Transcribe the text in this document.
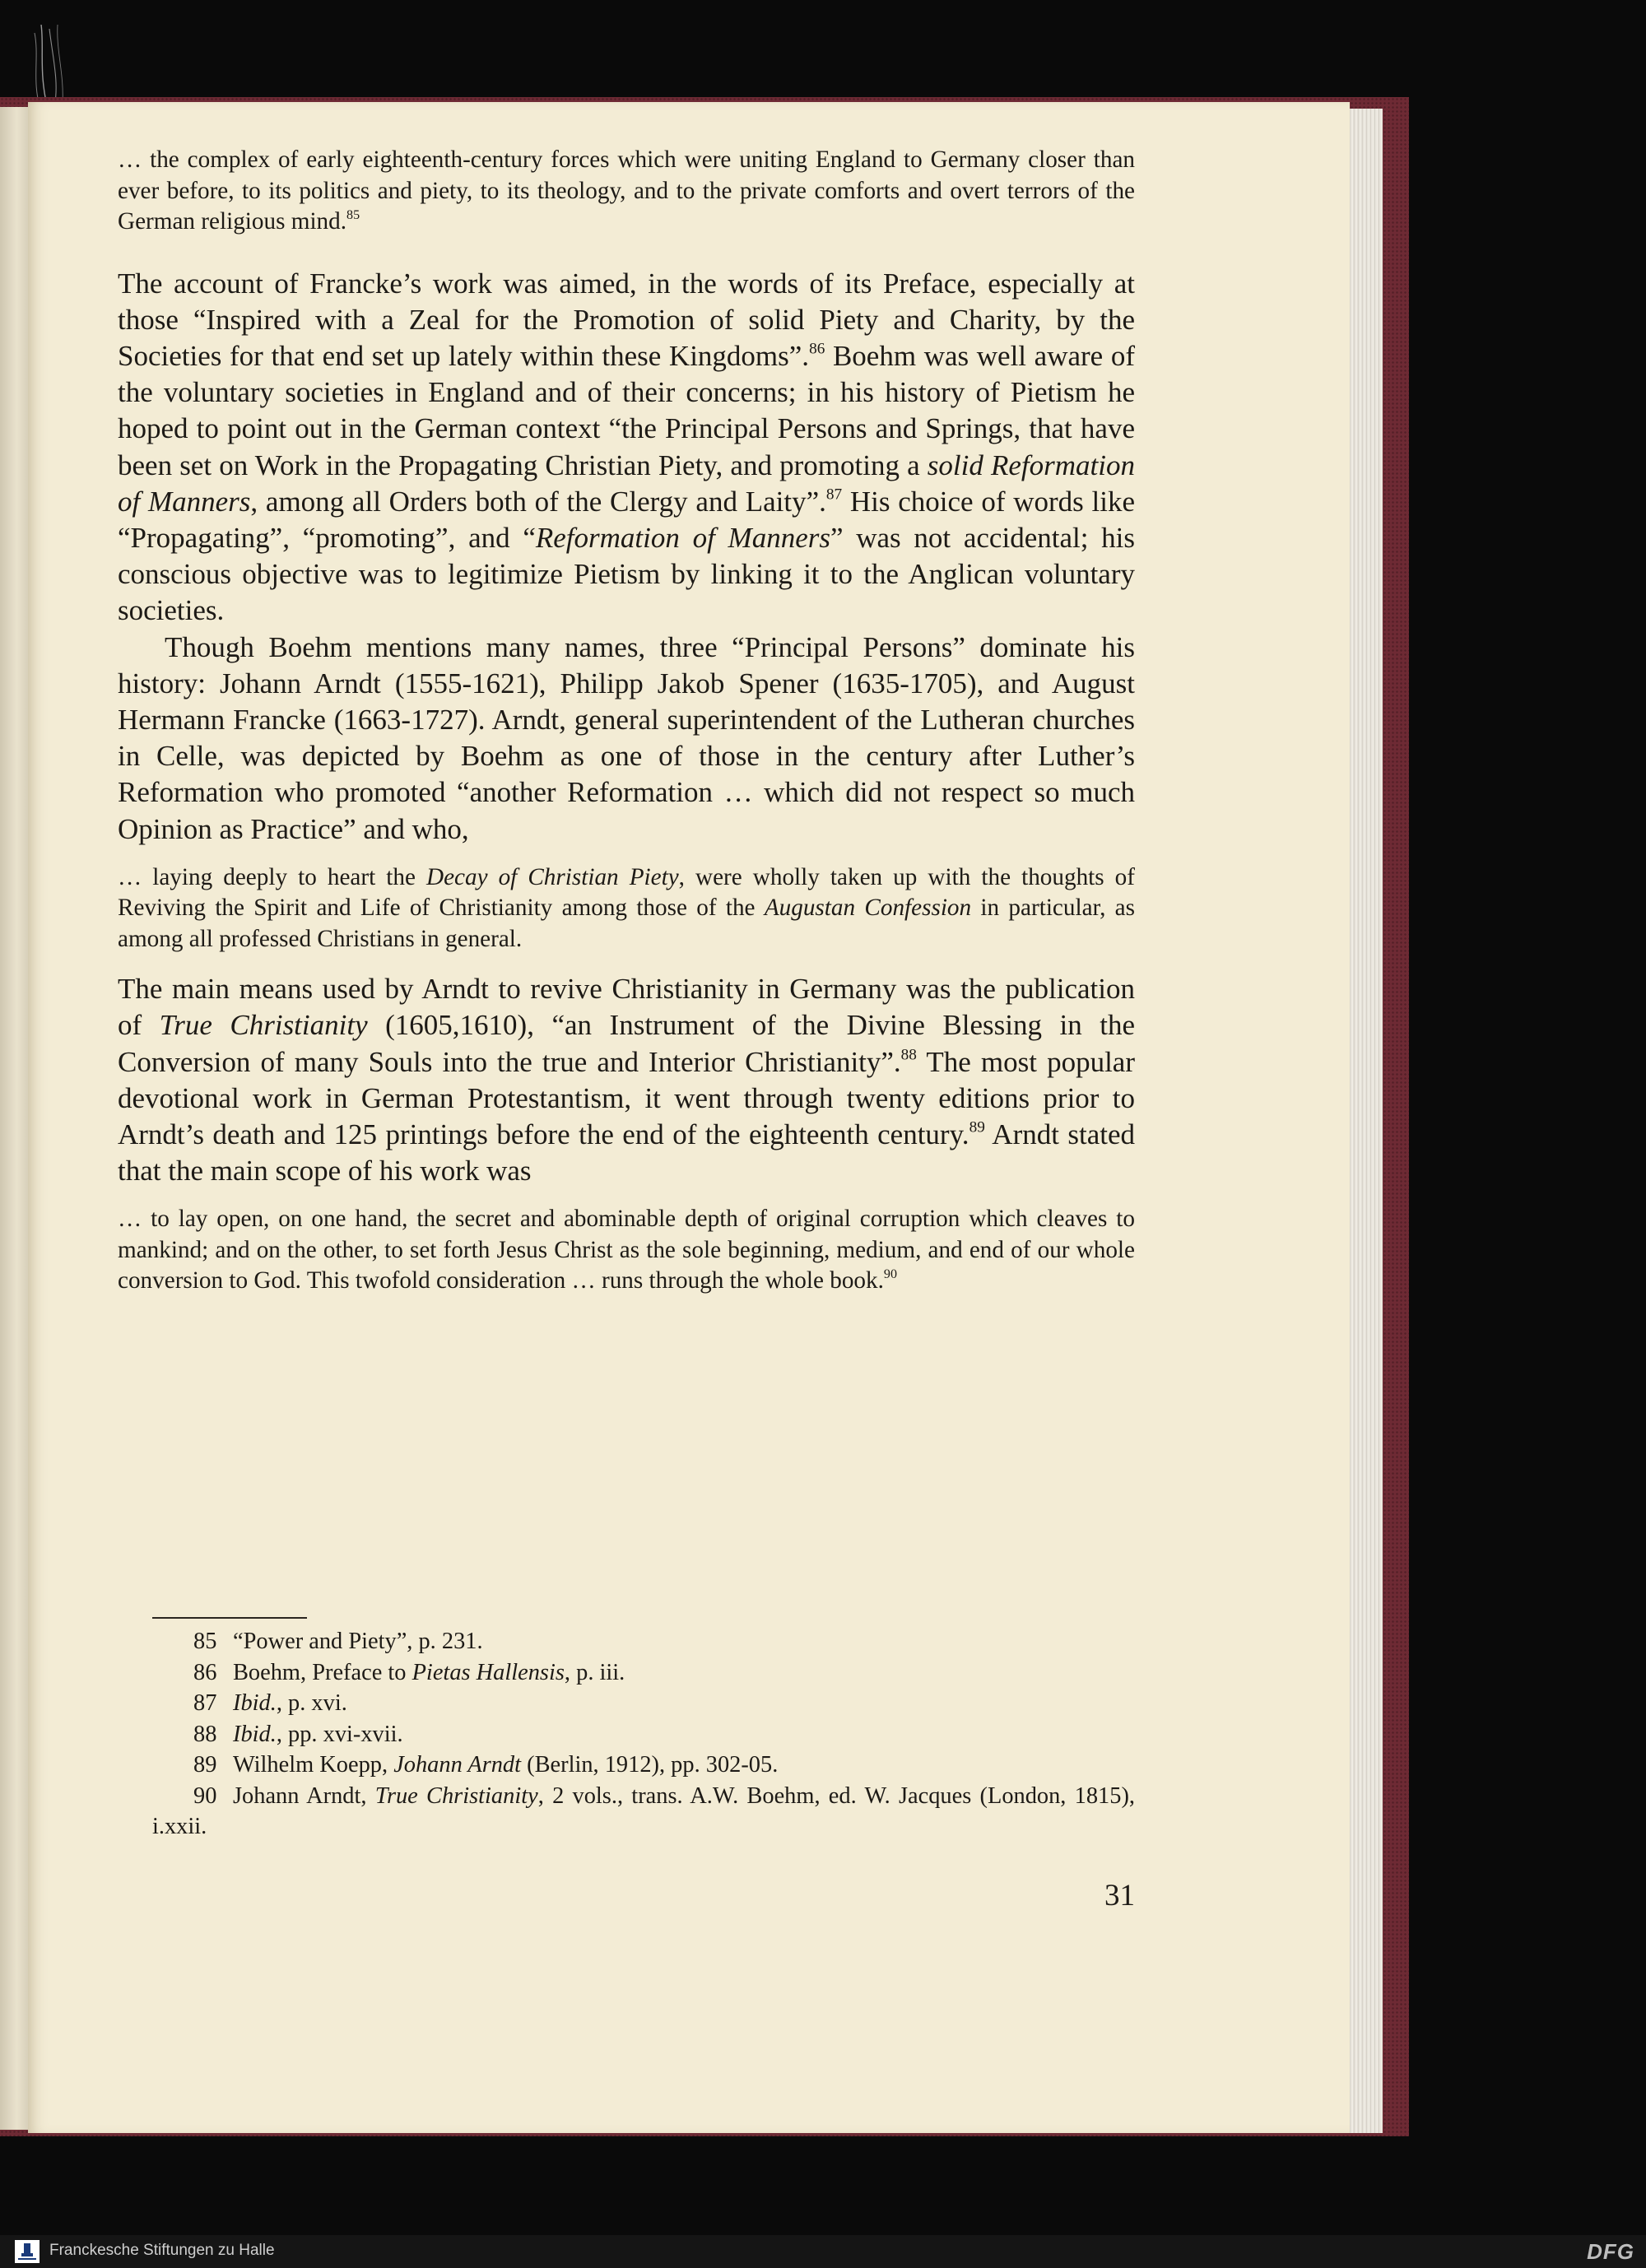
… the complex of early eighteenth-century forces which were uniting England to Germany closer than ever before, to its politics and piety, to its theology, and to the private comforts and overt terrors of the German religious mind.$^{85}$

The account of Francke’s work was aimed, in the words of its Preface, especially at those “Inspired with a Zeal for the Promotion of solid Piety and Charity, by the Societies for that end set up lately within these Kingdoms”.$^{86}$ Boehm was well aware of the voluntary societies in England and of their concerns; in his history of Pietism he hoped to point out in the German context “the Principal Persons and Springs, that have been set on Work in the Propagating Christian Piety, and promoting a solid Reformation of Manners, among all Orders both of the Clergy and Laity”.$^{87}$ His choice of words like “Propagating”, “promoting”, and “Reformation of Manners” was not accidental; his conscious objective was to legitimize Pietism by linking it to the Anglican voluntary societies.

Though Boehm mentions many names, three “Principal Persons” dominate his history: Johann Arndt (1555-1621), Philipp Jakob Spener (1635-1705), and August Hermann Francke (1663-1727). Arndt, general superintendent of the Lutheran churches in Celle, was depicted by Boehm as one of those in the century after Luther’s Reformation who promoted “another Reformation … which did not respect so much Opinion as Practice” and who,

… laying deeply to heart the Decay of Christian Piety, were wholly taken up with the thoughts of Reviving the Spirit and Life of Christianity among those of the Augustan Confession in particular, as among all professed Christians in general.

The main means used by Arndt to revive Christianity in Germany was the publication of True Christianity (1605,1610), “an Instrument of the Divine Blessing in the Conversion of many Souls into the true and Interior Christianity”.$^{88}$ The most popular devotional work in German Protestantism, it went through twenty editions prior to Arndt’s death and 125 printings before the end of the eighteenth century.$^{89}$ Arndt stated that the main scope of his work was

… to lay open, on one hand, the secret and abominable depth of original corruption which cleaves to mankind; and on the other, to set forth Jesus Christ as the sole beginning, medium, and end of our whole conversion to God. This twofold consideration … runs through the whole book.$^{90}$

85 “Power and Piety”, p. 231.

86 Boehm, Preface to Pietas Hallensis, p. iii.

87 Ibid., p. xvi.

88 Ibid., pp. xvi-xvii.

89 Wilhelm Koepp, Johann Arndt (Berlin, 1912), pp. 302-05.

90 Johann Arndt, True Christianity, 2 vols., trans. A.W. Boehm, ed. W. Jacques (London, 1815), i.xxii.

31
Franckesche Stiftungen zu Halle	DFG
